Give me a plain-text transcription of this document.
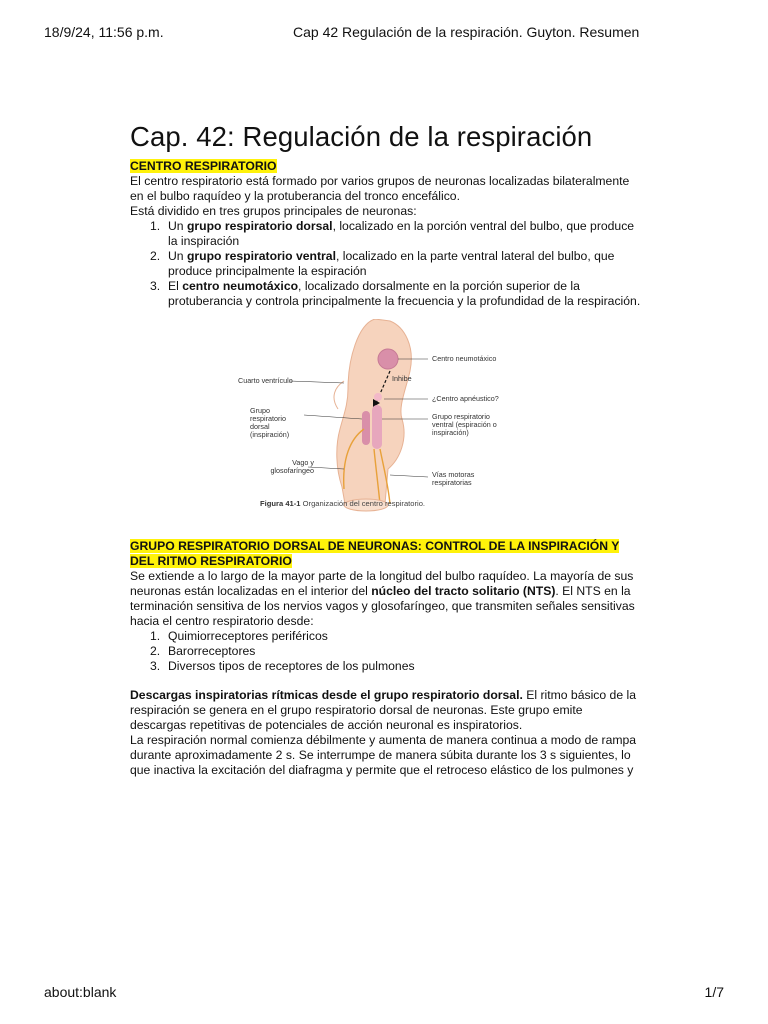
18/9/24, 11:56 p.m.	Cap 42 Regulación de la respiración. Guyton. Resumen
Cap. 42: Regulación de la respiración
CENTRO RESPIRATORIO

El centro respiratorio está formado por varios grupos de neuronas localizadas bilateralmente en el bulbo raquídeo y la protuberancia del tronco encefálico.

Está dividido en tres grupos principales de neuronas:

1. Un grupo respiratorio dorsal, localizado en la porción ventral del bulbo, que produce la inspiración
2. Un grupo respiratorio ventral, localizado en la parte ventral lateral del bulbo, que produce principalmente la espiración
3. El centro neumotáxico, localizado dorsalmente en la porción superior de la protuberancia y controla principalmente la frecuencia y la profundidad de la respiración.
Centro neumotáxico
Inhibe
Cuarto ventrículo
¿Centro apnéustico?
Grupo respiratorio dorsal (inspiración)
Grupo respiratorio ventral (espiración o inspiración)
Vago y glosofaríngeo	Vías motoras respiratorias
Figura 41-1 Organización del centro respiratorio.
GRUPO RESPIRATORIO DORSAL DE NEURONAS: CONTROL DE LA INSPIRACIÓN Y DEL RITMO RESPIRATORIO

Se extiende a lo largo de la mayor parte de la longitud del bulbo raquídeo. La mayoría de sus neuronas están localizadas en el interior del núcleo del tracto solitario (NTS). El NTS en la terminación sensitiva de los nervios vagos y glosofaríngeo, que transmiten señales sensitivas hacia el centro respiratorio desde:

1. Quimiorreceptores periféricos
2. Barorreceptores
3. Diversos tipos de receptores de los pulmones

Descargas inspiratorias rítmicas desde el grupo respiratorio dorsal. El ritmo básico de la respiración se genera en el grupo respiratorio dorsal de neuronas. Este grupo emite descargas repetitivas de potenciales de acción neuronal es inspiratorios.

La respiración normal comienza débilmente y aumenta de manera continua a modo de rampa durante aproximadamente 2 s. Se interrumpe de manera súbita durante los 3 s siguientes, lo que inactiva la excitación del diafragma y permite que el retroceso elástico de los pulmones y

about:blank	1/7
